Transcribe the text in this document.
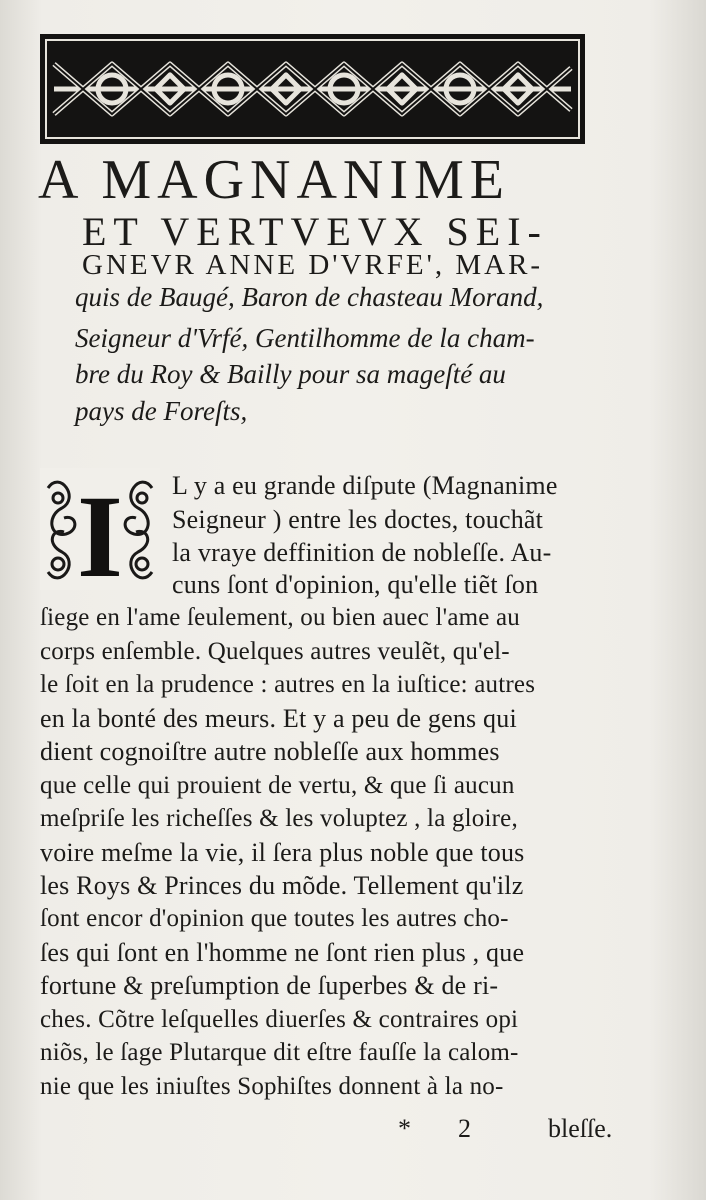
A MAGNANIME

ET VERTVEVX SEI-

GNEVR ANNE D'VRFE', MAR-

quis de Baugé, Baron de chasteau Morand,

Seigneur d'Vrfé, Gentilhomme de la cham-

bre du Roy & Bailly pour sa mageſté au

pays de Foreſts,

I L y a eu grande diſpute (Magnanime

Seigneur ) entre les doctes, touchãt

la vraye deffinition de nobleſſe. Au-

cuns ſont d'opinion, qu'elle tiẽt ſon

ſiege en l'ame ſeulement, ou bien auec l'ame au

corps enſemble. Quelques autres veulẽt, qu'el-

le ſoit en la prudence : autres en la iuſtice: autres

en la bonté des meurs. Et y a peu de gens qui

dient cognoiſtre autre nobleſſe aux hommes

que celle qui prouient de vertu, & que ſi aucun

meſpriſe les richeſſes & les voluptez , la gloire,

voire meſme la vie, il ſera plus noble que tous

les Roys & Princes du mõde. Tellement qu'ilz

ſont encor d'opinion que toutes les autres cho-

ſes qui ſont en l'homme ne ſont rien plus , que

fortune & preſumption de ſuperbes & de ri-

ches. Cõtre leſquelles diuerſes & contraires opi

niõs, le ſage Plutarque dit eſtre fauſſe la calom-

nie que les iniuſtes Sophiſtes donnent à la no-

* 2	bleſſe.
